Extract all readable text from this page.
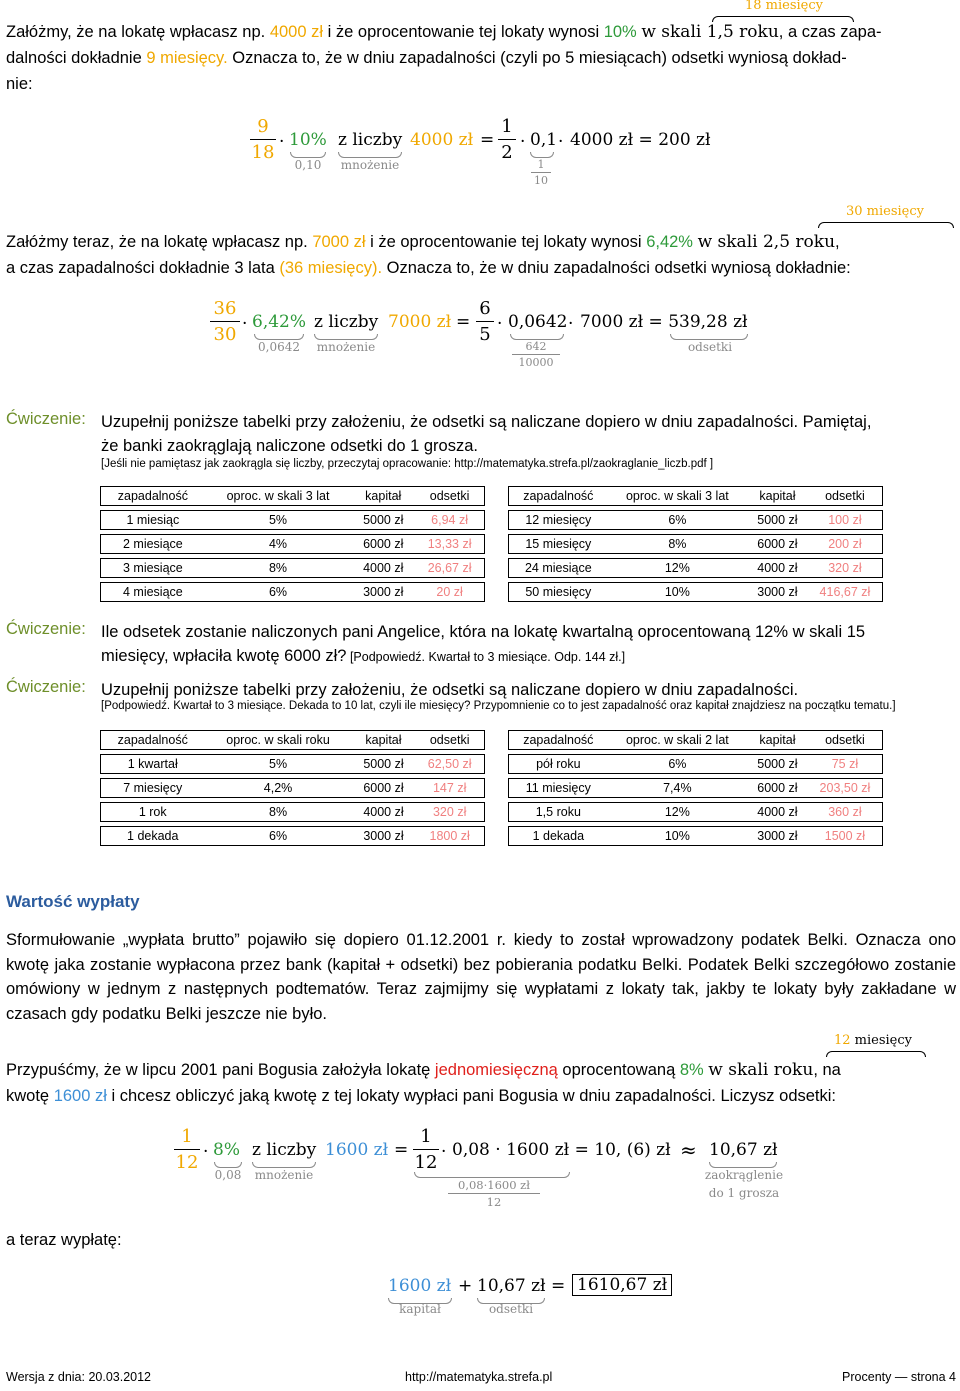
18 miesięcy
Załóżmy, że na lokatę wpłacasz np. 4000 zł i że oprocentowanie tej lokaty wynosi 10% w skali 1,5 roku, a czas zapa-
dalności dokładnie 9 miesięcy. Oznacza to, że w dniu zapadalności (czyli po 5 miesiącach) odsetki wyniosą dokład-
nie:
9
18 · 10%
0,10
z liczby
mnożenie
4000 zł =
1
2 · 0,1
1
10
· 4000 zł = 200 zł
30 miesięcy
Załóżmy teraz, że na lokatę wpłacasz np. 7000 zł i że oprocentowanie tej lokaty wynosi 6,42% w skali 2,5 roku,
a czas zapadalności dokładnie 3 lata (36 miesięcy). Oznacza to, że w dniu zapadalności odsetki wyniosą dokładnie:
36
30 · 6,42%
0,0642
z liczby
mnożenie
7000 zł =
6
5 · 0,0642
642
10000
· 7000 zł = 539,28 zł
odsetki
Ćwiczenie: Uzupełnij poniższe tabelki przy założeniu, że odsetki są naliczane dopiero w dniu zapadalności. Pamiętaj,
że banki zaokrąglają naliczone odsetki do 1 grosza.
[Jeśli nie pamiętasz jak zaokrągla się liczby, przeczytaj opracowanie: http://matematyka.strefa.pl/zaokraglanie_liczb.pdf ]
zapadalność	oproc. w skali 3 lat	kapitał	odsetki
1 miesiąc	5%	5000 zł	6,94 zł
2 miesiące	4%	6000 zł	13,33 zł
3 miesiące	8%	4000 zł	26,67 zł
4 miesiące	6%	3000 zł	20 zł
zapadalność	oproc. w skali 3 lat	kapitał	odsetki
12 miesięcy	6%	5000 zł	100 zł
15 miesięcy	8%	6000 zł	200 zł
24 miesiące	12%	4000 zł	320 zł
50 miesięcy	10%	3000 zł	416,67 zł
Ćwiczenie: Ile odsetek zostanie naliczonych pani Angelice, która na lokatę kwartalną oprocentowaną 12% w skali 15
miesięcy, wpłaciła kwotę 6000 zł? [Podpowiedź. Kwartał to 3 miesiące. Odp. 144 zł.]
Ćwiczenie: Uzupełnij poniższe tabelki przy założeniu, że odsetki są naliczane dopiero w dniu zapadalności.
[Podpowiedź. Kwartał to 3 miesiące. Dekada to 10 lat, czyli ile miesięcy? Przypomnienie co to jest zapadalność oraz kapitał znajdziesz na początku tematu.]
zapadalność	oproc. w skali roku	kapitał	odsetki
1 kwartał	5%	5000 zł	62,50 zł
7 miesięcy	4,2%	6000 zł	147 zł
1 rok	8%	4000 zł	320 zł
1 dekada	6%	3000 zł	1800 zł
zapadalność	oproc. w skali 2 lat	kapitał	odsetki
pół roku	6%	5000 zł	75 zł
11 miesięcy	7,4%	6000 zł	203,50 zł
1,5 roku	12%	4000 zł	360 zł
1 dekada	10%	3000 zł	1500 zł
Wartość wypłaty
Sformułowanie „wypłata brutto” pojawiło się dopiero 01.12.2001 r. kiedy to został wprowadzony podatek Belki. Oznacza ono kwotę jaka zostanie wypłacona przez bank (kapitał + odsetki) bez pobierania podatku Belki. Podatek Belki szczegółowo zostanie omówiony w jednym z następnych podtematów. Teraz zajmijmy się wypłatami z lokaty tak, jakby te lokaty były zakładane w czasach gdy podatku Belki jeszcze nie było.
12 miesięcy
Przypuśćmy, że w lipcu 2001 pani Bogusia założyła lokatę jednomiesięczną oprocentowaną 8% w skali roku, na
kwotę 1600 zł i chcesz obliczyć jaką kwotę z tej lokaty wypłaci pani Bogusia w dniu zapadalności. Liczysz odsetki:
1
12 · 8%
0,08
z liczby
mnożenie
1600 zł =
1
12 · 0,08 · 1600 zł = 10, (6) zł
0,08·1600 zł
12
≈ 10,67 zł
zaokrąglenie
do 1 grosza
a teraz wypłatę:
1600 zł
kapitał
+ 10,67 zł
odsetki
= 1610,67 zł
Wersja z dnia: 20.03.2012	http://matematyka.strefa.pl	Procenty — strona 4
